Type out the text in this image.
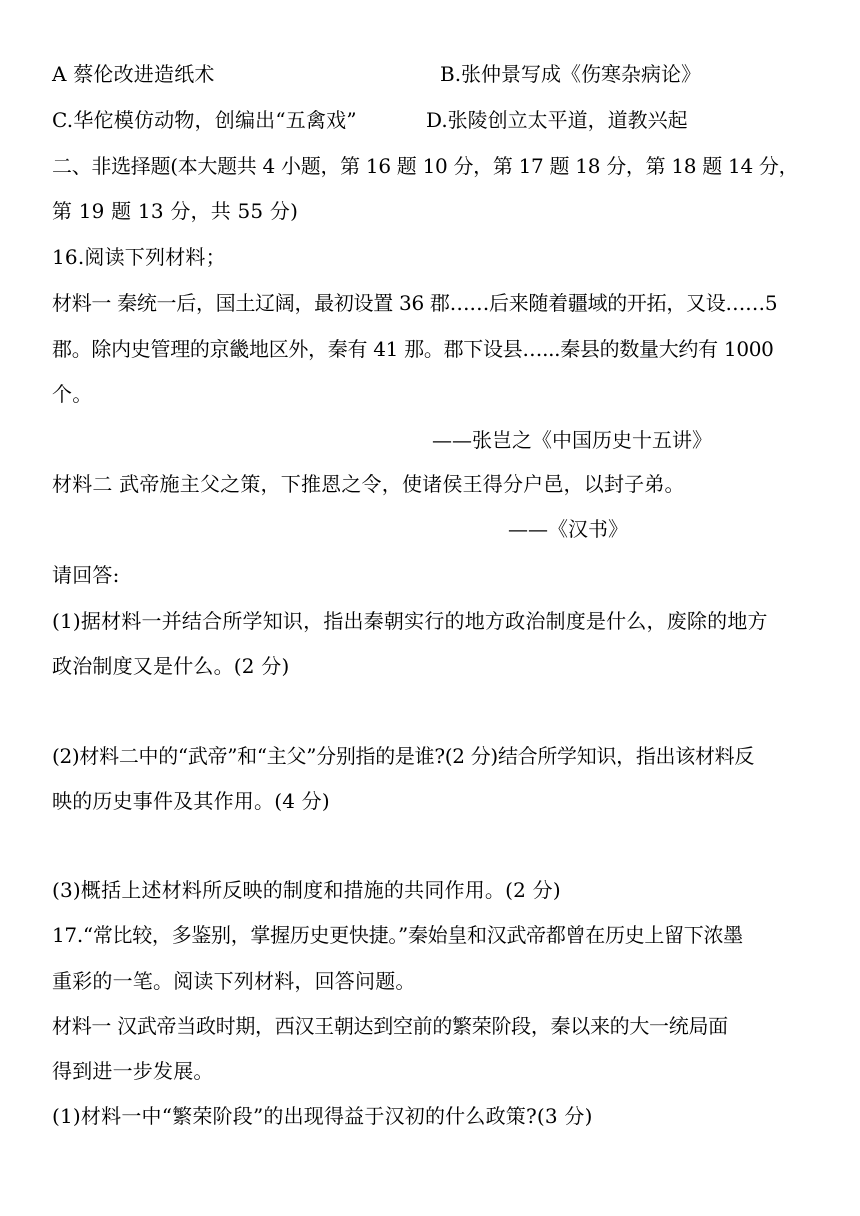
A 蔡伦改进造纸术	B.张仲景写成《伤寒杂病论》
C.华佗模仿动物，创编出“五禽戏”	D.张陵创立太平道，道教兴起
二、非选择题(本大题共 4 小题，第 16 题 10 分，第 17 题 18 分，第 18 题 14 分，
第 19 题 13 分，共 55 分)
16.阅读下列材料；
材料一 秦统一后，国土辽阔，最初设置 36 郡……后来随着疆域的开拓，又设……5
郡。除内史管理的京畿地区外，秦有 41 那。郡下设县…...秦县的数量大约有 1000
个。
——张岂之《中国历史十五讲》
材料二 武帝施主父之策，下推恩之令，使诸侯王得分户邑，以封子弟。
——《汉书》
请回答:
(1)据材料一并结合所学知识，指出秦朝实行的地方政治制度是什么，废除的地方
政治制度又是什么。(2 分)
(2)材料二中的“武帝”和“主父”分别指的是谁?(2 分)结合所学知识，指出该材料反
映的历史事件及其作用。(4 分)
(3)概括上述材料所反映的制度和措施的共同作用。(2 分)
17.“常比较，多鉴别，掌握历史更快捷。”秦始皇和汉武帝都曾在历史上留下浓墨
重彩的一笔。阅读下列材料，回答问题。
材料一 汉武帝当政时期，西汉王朝达到空前的繁荣阶段，秦以来的大一统局面
得到进一步发展。
(1)材料一中“繁荣阶段”的出现得益于汉初的什么政策?(3 分)
